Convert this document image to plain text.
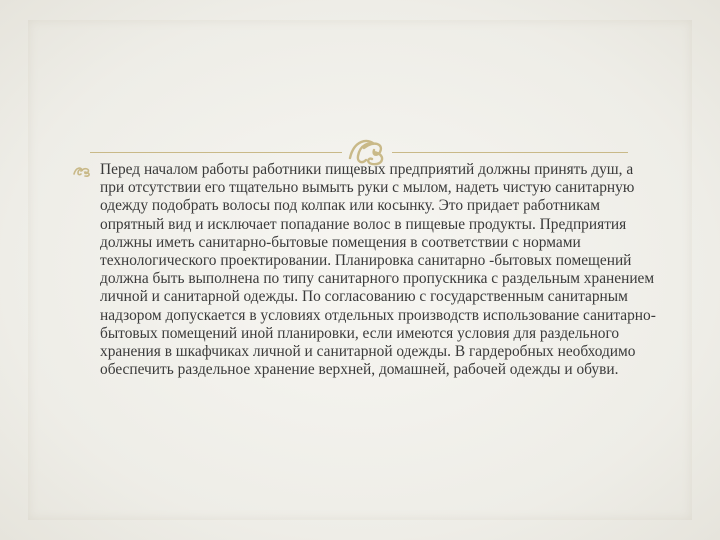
Перед началом работы работники пищевых предприятий должны принять душ, а при отсутствии его тщательно вымыть руки с мылом, надеть чистую санитарную одежду подобрать волосы под колпак или косынку. Это придает работникам опрятный вид и исключает попадание волос в пищевые продукты. Предприятия должны иметь санитарно-бытовые помещения в соответствии с нормами технологического проектировании. Планировка санитарно -бытовых помещений должна быть выполнена по типу санитарного пропускника с раздельным хранением личной и санитарной одежды. По согласованию с государственным санитарным надзором допускается в условиях отдельных производств использование санитарно-бытовых помещений иной планировки, если имеются условия для раздельного хранения в шкафчиках личной и санитарной одежды. В гардеробных необходимо обеспечить раздельное хранение верхней, домашней, рабочей одежды и обуви.
